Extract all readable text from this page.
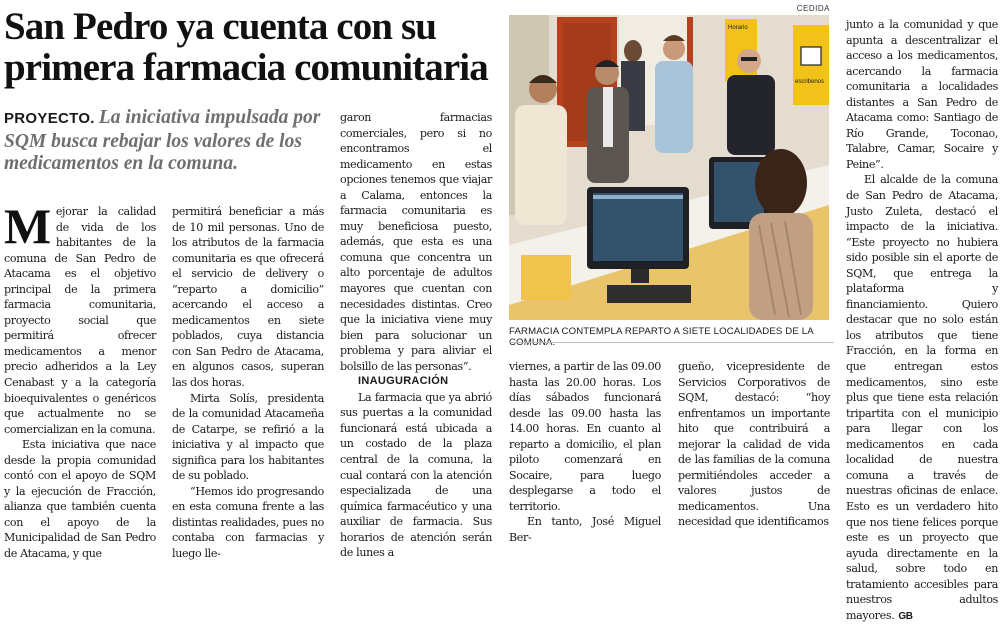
San Pedro ya cuenta con su primera farmacia comunitaria

PROYECTO. La iniciativa impulsada por SQM busca rebajar los valores de los medicamentos en la comuna.

Mejorar la calidad de vida de los habitantes de la comuna de San Pedro de Atacama es el objetivo principal de la primera farmacia comunitaria, proyecto social que permitirá ofrecer medicamentos a menor precio adheridos a la Ley Cenabast y a la categoría bioequivalentes o genéricos que actualmente no se comercializan en la comuna.

Esta iniciativa que nace desde la propia comunidad contó con el apoyo de SQM y la ejecución de Fracción, alianza que también cuenta con el apoyo de la Municipalidad de San Pedro de Atacama, y que

permitirá beneficiar a más de 10 mil personas. Uno de los atributos de la farmacia comunitaria es que ofrecerá el servicio de delivery o “reparto a domicilio” acercando el acceso a medicamentos en siete poblados, cuya distancia con San Pedro de Atacama, en algunos casos, superan las dos horas.

Mirta Solís, presidenta de la comunidad Atacameña de Catarpe, se refirió a la iniciativa y al impacto que significa para los habitantes de su poblado.

“Hemos ido progresando en esta comuna frente a las distintas realidades, pues no contaba con farmacias y luego lle-

garon farmacias comerciales, pero si no encontramos el medicamento en estas opciones tenemos que viajar a Calama, entonces la farmacia comunitaria es muy beneficiosa puesto, además, que esta es una comuna que concentra un alto porcentaje de adultos mayores que cuentan con necesidades distintas. Creo que la iniciativa viene muy bien para solucionar un problema y para aliviar el bolsillo de las personas”.

INAUGURACIÓN

La farmacia que ya abrió sus puertas a la comunidad funcionará está ubicada a un costado de la plaza central de la comuna, la cual contará con la atención especializada de una química farmacéutico y una auxiliar de farmacia. Sus horarios de atención serán de lunes a

CEDIDA
Horario
escribenos
FARMACIA CONTEMPLA REPARTO A SIETE LOCALIDADES DE LA

viernes, a partir de las 09.00 hasta las 20.00 horas. Los días sábados funcionará desde las 09.00 hasta las 14.00 horas. En cuanto al reparto a domicilio, el plan piloto comenzará en Socaire, para luego desplegarse a todo el territorio.

En tanto, José Miguel Ber-

gueño, vicepresidente de Servicios Corporativos de SQM, destacó: “hoy enfrentamos un importante hito que contribuirá a mejorar la calidad de vida de las familias de la comuna permitiéndoles acceder a valores justos de medicamentos. Una necesidad que identificamos

junto a la comunidad y que apunta a descentralizar el acceso a los medicamentos, acercando la farmacia comunitaria a localidades distantes a San Pedro de Atacama como: Santiago de Río Grande, Toconao, Talabre, Camar, Socaire y Peine”.

El alcalde de la comuna de San Pedro de Atacama, Justo Zuleta, destacó el impacto de la iniciativa. “Este proyecto no hubiera sido posible sin el aporte de SQM, que entrega la plataforma y financiamiento. Quiero destacar que no solo están los atributos que tiene Fracción, en la forma en que entregan estos medicamentos, sino este plus que tiene esta relación tripartita con el municipio para llegar con los medicamentos en cada localidad de nuestra comuna a través de nuestras oficinas de enlace. Esto es un verdadero hito que nos tiene felices porque este es un proyecto que ayuda directamente en la salud, sobre todo en tratamiento accesibles para nuestros adultos mayores. GB
